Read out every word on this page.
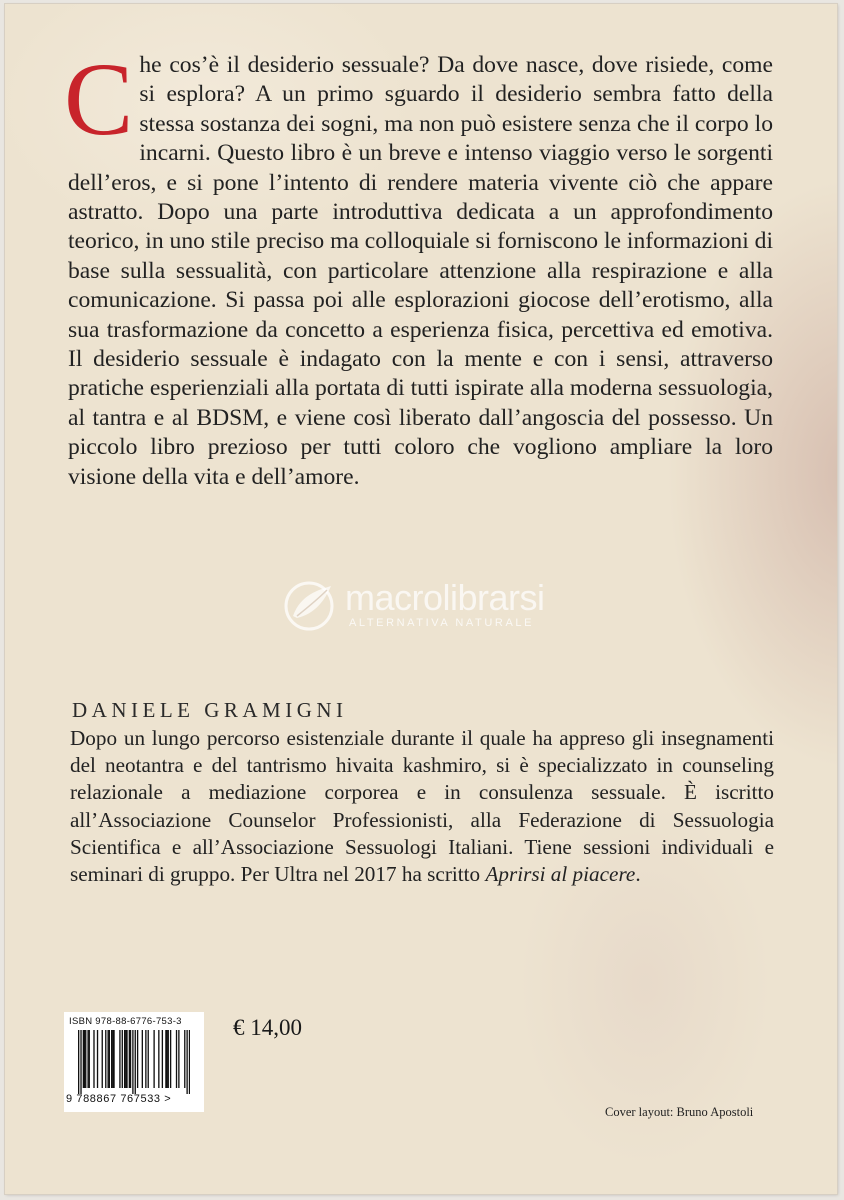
Che cos’è il desiderio sessuale? Da dove nasce, dove risiede, come si esplora? A un primo sguardo il desiderio sembra fatto della stessa sostanza dei sogni, ma non può esistere senza che il corpo lo incarni. Questo libro è un breve e intenso viaggio verso le sorgenti dell’eros, e si pone l’intento di rendere materia vivente ciò che appare astratto. Dopo una parte introduttiva dedicata a un approfondimento teorico, in uno stile preciso ma colloquiale si forniscono le informazioni di base sulla sessualità, con particolare attenzione alla respirazione e alla comunicazione. Si passa poi alle esplorazioni giocose dell’erotismo, alla sua trasformazione da concetto a esperienza fisica, percettiva ed emotiva. Il desiderio sessuale è indagato con la mente e con i sensi, attraverso pratiche esperienziali alla portata di tutti ispirate alla moderna sessuologia, al tantra e al BDSM, e viene così liberato dall’angoscia del possesso. Un piccolo libro prezioso per tutti coloro che vogliono ampliare la loro visione della vita e dell’amore.

macrolibrarsi
ALTERNATIVA NATURALE

DANIELE GRAMIGNI

Dopo un lungo percorso esistenziale durante il quale ha appreso gli insegnamenti del neotantra e del tantrismo hivaita kashmiro, si è specializzato in counseling relazionale a mediazione corporea e in consulenza sessuale. È iscritto all’Associazione Counselor Professionisti, alla Federazione di Sessuologia Scientifica e all’Associazione Sessuologi Italiani. Tiene sessioni individuali e seminari di gruppo. Per Ultra nel 2017 ha scritto Aprirsi al piacere.

ISBN 978-88-6776-753-3
9 788867 767533 >
€ 14,00
Cover layout: Bruno Apostoli
